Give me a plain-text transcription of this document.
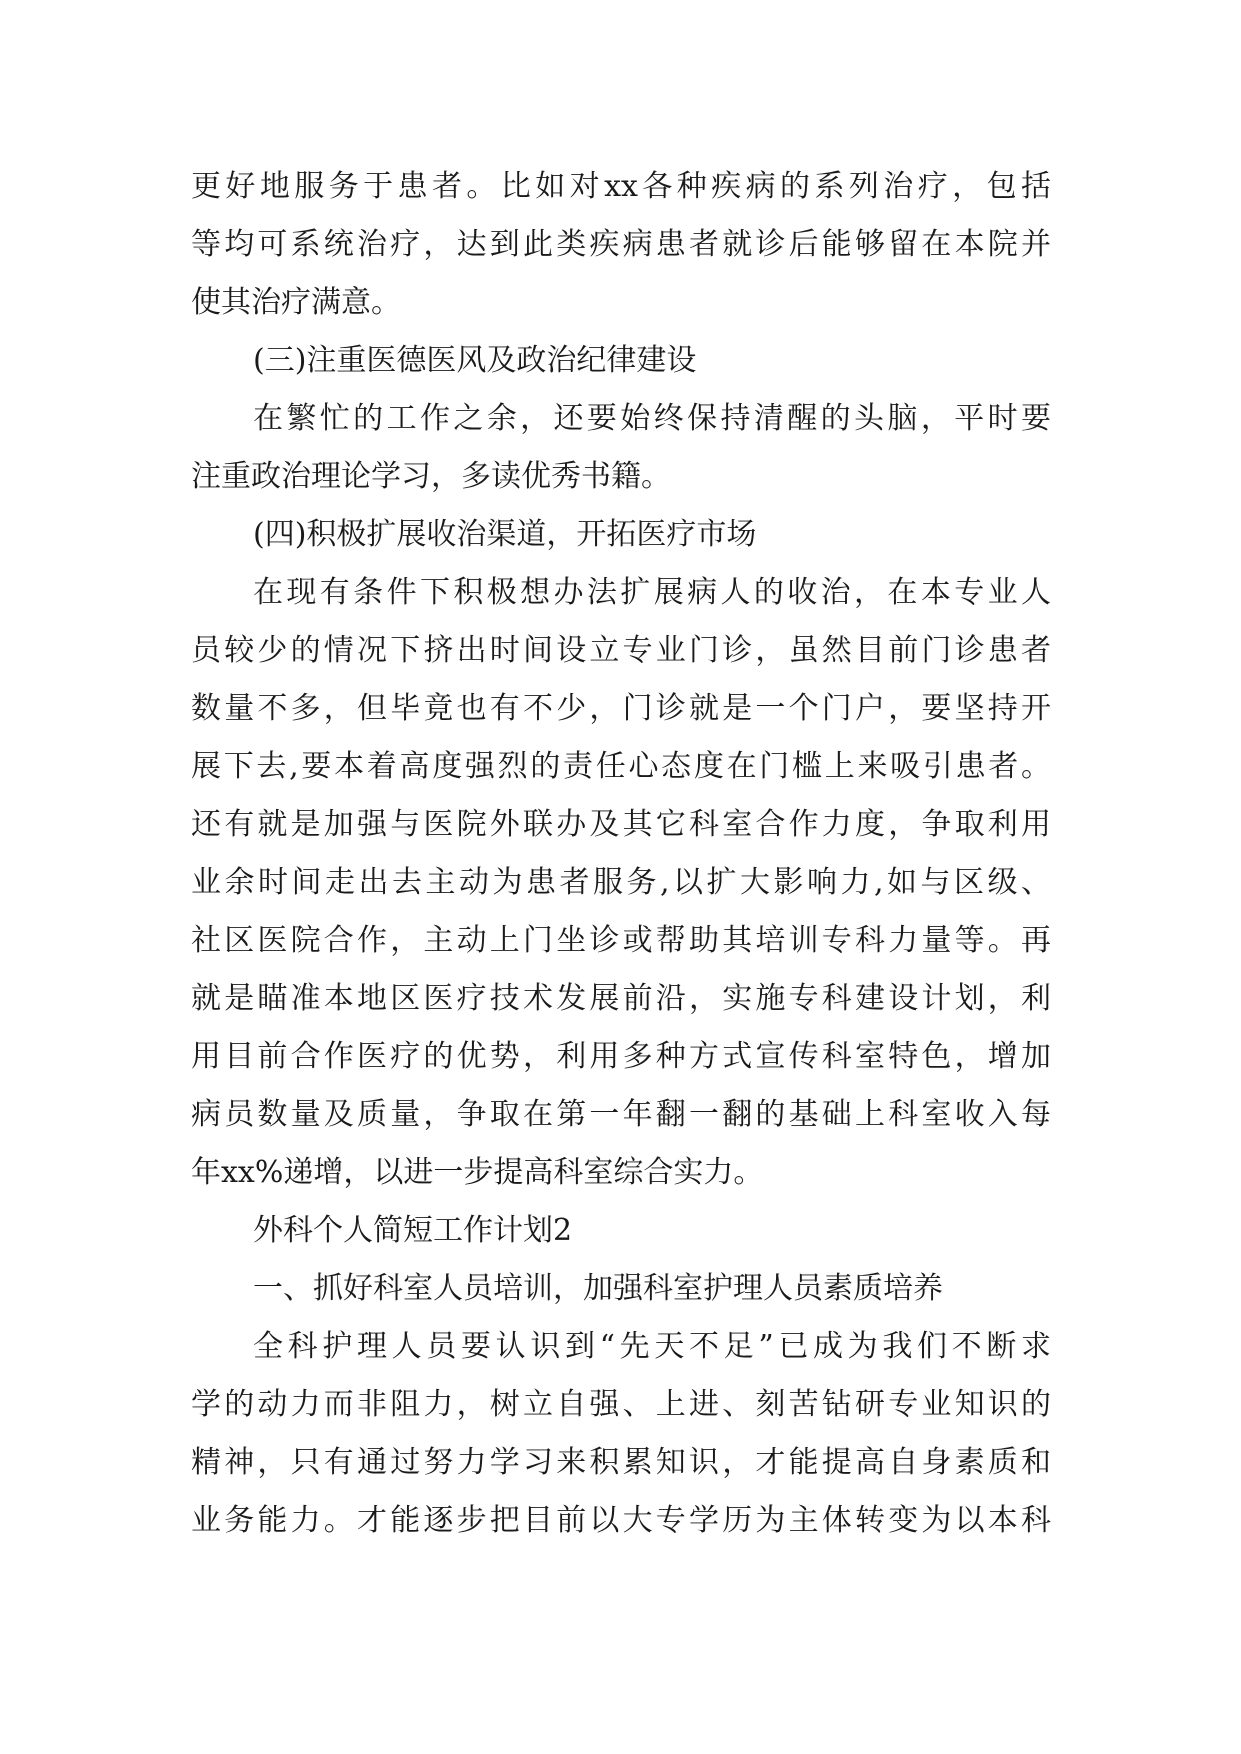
更好地服务于患者。比如对xx各种疾病的系列治疗，包括
等均可系统治疗，达到此类疾病患者就诊后能够留在本院并
使其治疗满意。
(三)注重医德医风及政治纪律建设
在繁忙的工作之余，还要始终保持清醒的头脑，平时要
注重政治理论学习，多读优秀书籍。
(四)积极扩展收治渠道，开拓医疗市场
在现有条件下积极想办法扩展病人的收治，在本专业人
员较少的情况下挤出时间设立专业门诊，虽然目前门诊患者
数量不多，但毕竟也有不少，门诊就是一个门户，要坚持开
展下去,要本着高度强烈的责任心态度在门槛上来吸引患者。
还有就是加强与医院外联办及其它科室合作力度，争取利用
业余时间走出去主动为患者服务,以扩大影响力,如与区级、
社区医院合作，主动上门坐诊或帮助其培训专科力量等。再
就是瞄准本地区医疗技术发展前沿，实施专科建设计划，利
用目前合作医疗的优势，利用多种方式宣传科室特色，增加
病员数量及质量，争取在第一年翻一翻的基础上科室收入每
年xx%递增，以进一步提高科室综合实力。
外科个人简短工作计划2
一、抓好科室人员培训，加强科室护理人员素质培养
全科护理人员要认识到“先天不足”已成为我们不断求
学的动力而非阻力，树立自强、上进、刻苦钻研专业知识的
精神，只有通过努力学习来积累知识，才能提高自身素质和
业务能力。才能逐步把目前以大专学历为主体转变为以本科
